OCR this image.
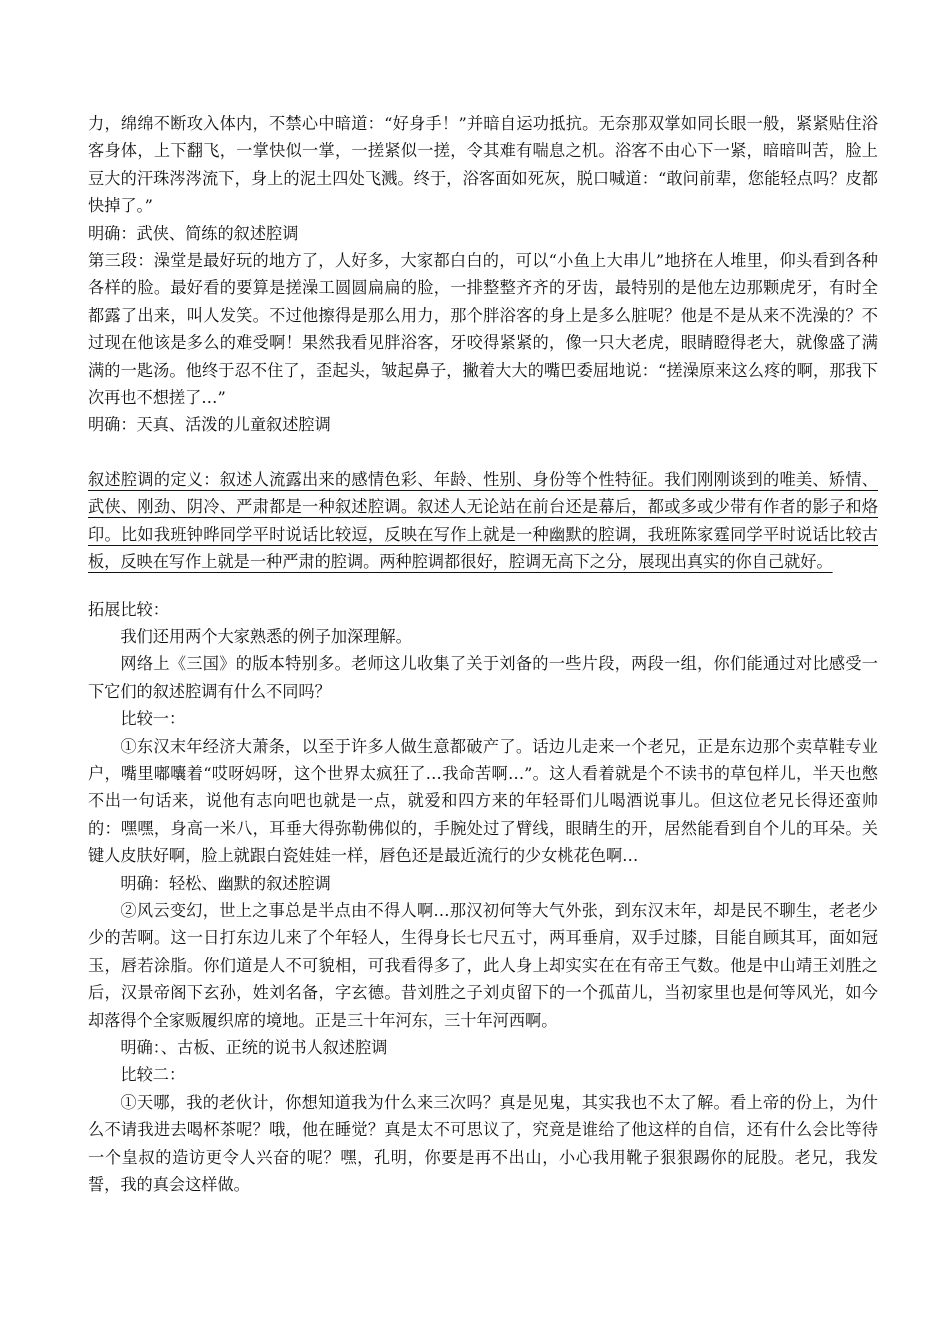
力，绵绵不断攻入体内，不禁心中暗道：“好身手！”并暗自运功抵抗。无奈那双掌如同长眼一般，紧紧贴住浴客身体，上下翻飞，一掌快似一掌，一搓紧似一搓，令其难有喘息之机。浴客不由心下一紧，暗暗叫苦，脸上豆大的汗珠涔涔流下，身上的泥土四处飞溅。终于，浴客面如死灰，脱口喊道：“敢问前辈，您能轻点吗？皮都快掉了。”

明确：武侠、简练的叙述腔调

第三段：澡堂是最好玩的地方了，人好多，大家都白白的，可以“小鱼上大串儿”地挤在人堆里，仰头看到各种各样的脸。最好看的要算是搓澡工圆圆扁扁的脸，一排整整齐齐的牙齿，最特别的是他左边那颗虎牙，有时全都露了出来，叫人发笑。不过他擦得是那么用力，那个胖浴客的身上是多么脏呢？他是不是从来不洗澡的？不过现在他该是多么的难受啊！果然我看见胖浴客，牙咬得紧紧的，像一只大老虎，眼睛瞪得老大，就像盛了满满的一匙汤。他终于忍不住了，歪起头，皱起鼻子，撇着大大的嘴巴委屈地说：“搓澡原来这么疼的啊，那我下次再也不想搓了…”

明确：天真、活泼的儿童叙述腔调

叙述腔调的定义：叙述人流露出来的感情色彩、年龄、性别、身份等个性特征。我们刚刚谈到的唯美、矫情、武侠、刚劲、阴冷、严肃都是一种叙述腔调。叙述人无论站在前台还是幕后，都或多或少带有作者的影子和烙印。比如我班钟晔同学平时说话比较逗，反映在写作上就是一种幽默的腔调，我班陈家霆同学平时说话比较古板，反映在写作上就是一种严肃的腔调。两种腔调都很好，腔调无高下之分，展现出真实的你自己就好。

拓展比较：

我们还用两个大家熟悉的例子加深理解。

网络上《三国》的版本特别多。老师这儿收集了关于刘备的一些片段，两段一组，你们能通过对比感受一下它们的叙述腔调有什么不同吗？

比较一：

①东汉末年经济大萧条，以至于许多人做生意都破产了。话边儿走来一个老兄，正是东边那个卖草鞋专业户，嘴里嘟囔着“哎呀妈呀，这个世界太疯狂了…我命苦啊…”。这人看着就是个不读书的草包样儿，半天也憋不出一句话来，说他有志向吧也就是一点，就爱和四方来的年轻哥们儿喝酒说事儿。但这位老兄长得还蛮帅的：嘿嘿，身高一米八，耳垂大得弥勒佛似的，手腕处过了臂线，眼睛生的开，居然能看到自个儿的耳朵。关键人皮肤好啊，脸上就跟白瓷娃娃一样，唇色还是最近流行的少女桃花色啊…

明确：轻松、幽默的叙述腔调

②风云变幻，世上之事总是半点由不得人啊…那汉初何等大气外张，到东汉末年，却是民不聊生，老老少少的苦啊。这一日打东边儿来了个年轻人，生得身长七尺五寸，两耳垂肩，双手过膝，目能自顾其耳，面如冠玉，唇若涂脂。你们道是人不可貌相，可我看得多了，此人身上却实实在在有帝王气数。他是中山靖王刘胜之后，汉景帝阁下玄孙，姓刘名备，字玄德。昔刘胜之子刘贞留下的一个孤苗儿，当初家里也是何等风光，如今却落得个全家贩履织席的境地。正是三十年河东，三十年河西啊。

明确：、古板、正统的说书人叙述腔调

比较二：

①天哪，我的老伙计，你想知道我为什么来三次吗？真是见鬼，其实我也不太了解。看上帝的份上，为什么不请我进去喝杯茶呢？哦，他在睡觉？真是太不可思议了，究竟是谁给了他这样的自信，还有什么会比等待一个皇叔的造访更令人兴奋的呢？嘿，孔明，你要是再不出山，小心我用靴子狠狠踢你的屁股。老兄，我发誓，我的真会这样做。
